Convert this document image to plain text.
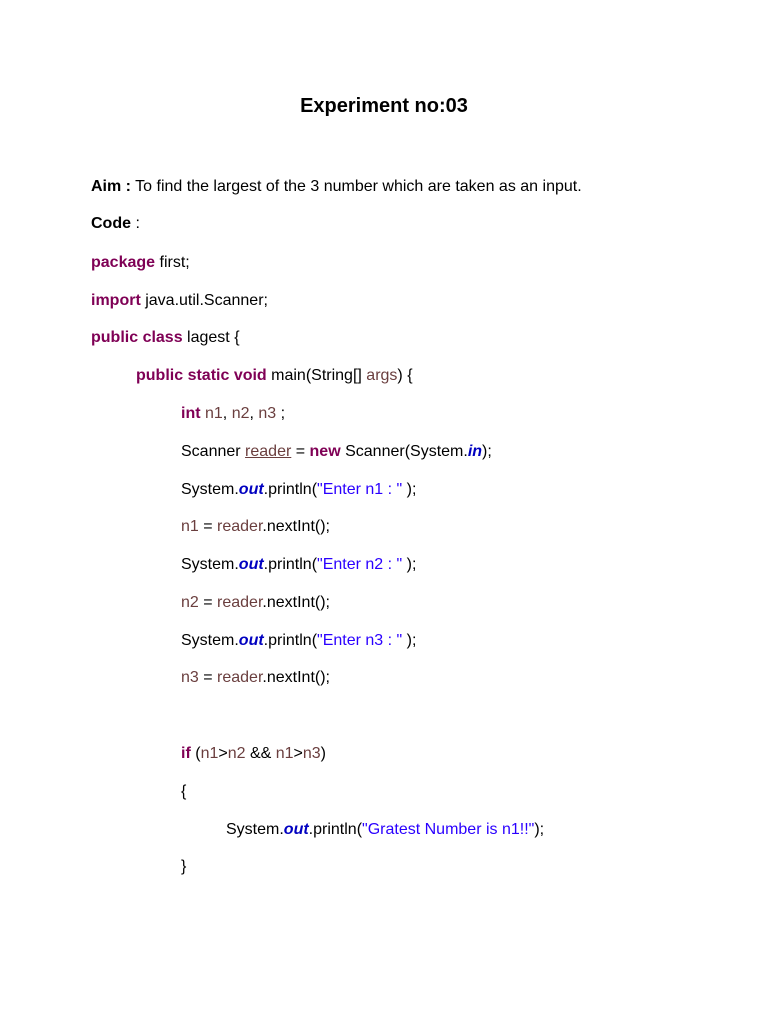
Experiment no:03
Aim : To find the largest of the 3 number which are taken as an input.
Code :
package first;
import java.util.Scanner;
public class lagest {
public static void main(String[] args) {
int n1, n2, n3 ;
Scanner reader = new Scanner(System.in);
System.out.println("Enter n1 : " );
n1 = reader.nextInt();
System.out.println("Enter n2 : " );
n2 = reader.nextInt();
System.out.println("Enter n3 : " );
n3 = reader.nextInt();
if (n1>n2 && n1>n3)
{
System.out.println("Gratest Number is n1!!");
}
